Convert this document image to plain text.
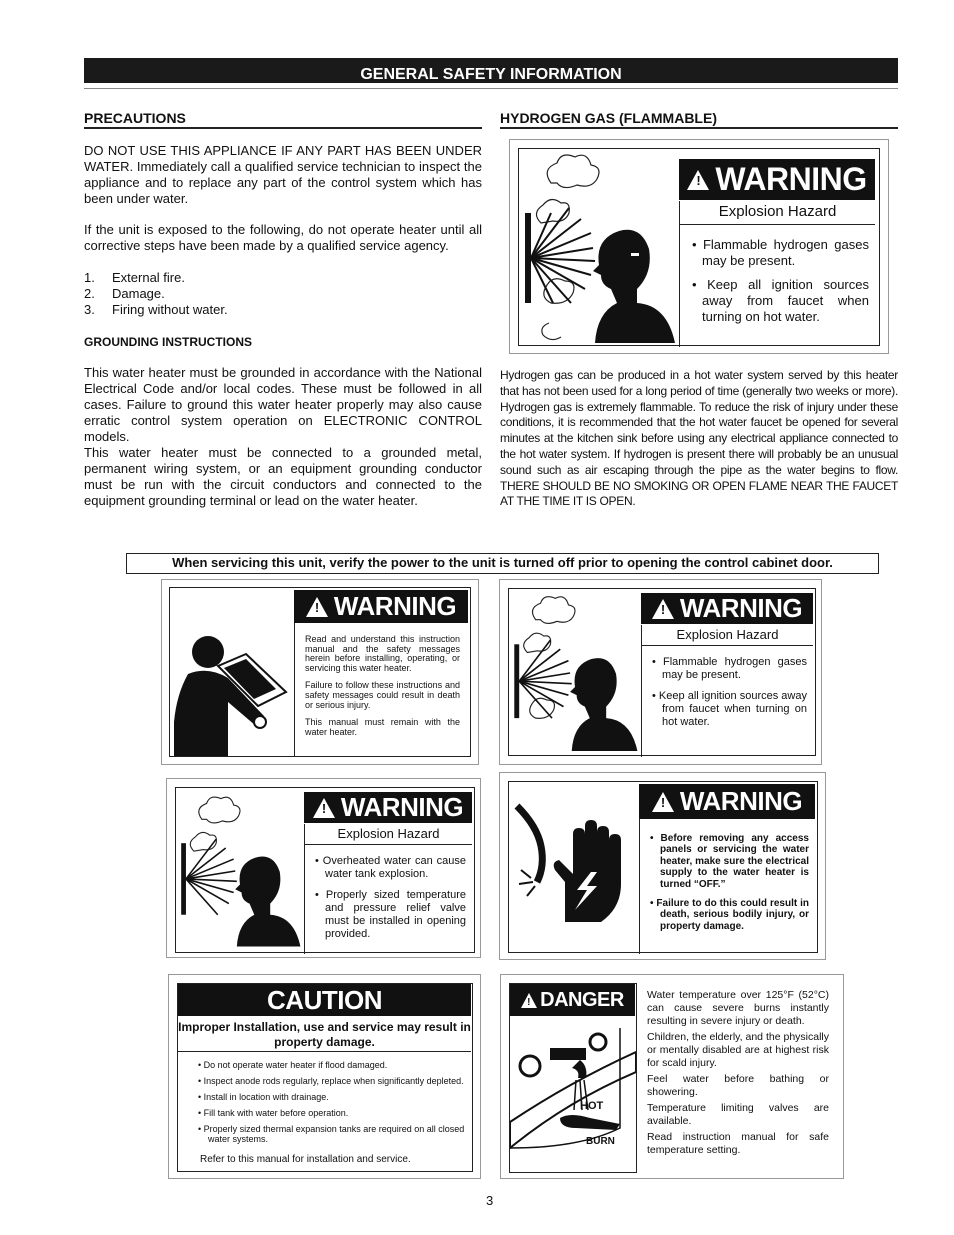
GENERAL SAFETY INFORMATION
PRECAUTIONS
DO NOT USE THIS APPLIANCE IF ANY PART HAS BEEN UNDER WATER. Immediately call a qualified service technician to inspect the appliance and to replace any part of the control system which has been under water.
If the unit is exposed to the following, do not operate heater until all corrective steps have been made by a qualified service agency.
1. External fire.
2. Damage.
3. Firing without water.
GROUNDING INSTRUCTIONS
This water heater must be grounded in accordance with the National Electrical Code and/or local codes. These must be followed in all cases. Failure to ground this water heater properly may also cause erratic control system operation on ELECTRONIC CONTROL models.
This water heater must be connected to a grounded metal, permanent wiring system, or an equipment grounding conductor must be run with the circuit conductors and connected to the equipment grounding terminal or lead on the water heater.
HYDROGEN GAS (FLAMMABLE)
! WARNING
Explosion Hazard

• Flammable hydrogen gases may be present.

• Keep all ignition sources away from faucet when turning on hot water.

Hydrogen gas can be produced in a hot water system served by this heater that has not been used for a long period of time (generally two weeks or more). Hydrogen gas is extremely flammable. To reduce the risk of injury under these conditions, it is recommended that the hot water faucet be opened for several minutes at the kitchen sink before using any electrical appliance connected to the hot water system. If hydrogen is present there will probably be an unusual sound such as air escaping through the pipe as the water begins to flow. THERE SHOULD BE NO SMOKING OR OPEN FLAME NEAR THE FAUCET AT THE TIME IT IS OPEN.
When servicing this unit, verify the power to the unit is turned off prior to opening the control cabinet door.
! WARNING

Read and understand this instruction manual and the safety messages herein before installing, operating, or servicing this water heater.

Failure to follow these instructions and safety messages could result in death or serious injury.

This manual must remain with the water heater.

! WARNING
Explosion Hazard

• Flammable hydrogen gases may be present.

• Keep all ignition sources away from faucet when turning on hot water.

! WARNING
Explosion Hazard

• Overheated water can cause water tank explosion.

• Properly sized temperature and pressure relief valve must be installed in opening provided.

! WARNING

• Before removing any access panels or servicing the water heater, make sure the electrical supply to the water heater is turned “OFF.”

• Failure to do this could result in death, serious bodily injury, or property damage.

CAUTION
Improper Installation, use and service may result in property damage.
• Do not operate water heater if flood damaged.
• Inspect anode rods regularly, replace when significantly depleted.
• Install in location with drainage.
• Fill tank with water before operation.
• Properly sized thermal expansion tanks are required on all closed water systems.
Refer to this manual for installation and service.
! DANGER
HOT
BURN

Water temperature over 125°F (52°C) can cause severe burns instantly resulting in severe injury or death.

Children, the elderly, and the physically or mentally disabled are at highest risk for scald injury.

Feel water before bathing or showering.

Temperature limiting valves are available.

Read instruction manual for safe temperature setting.

3
